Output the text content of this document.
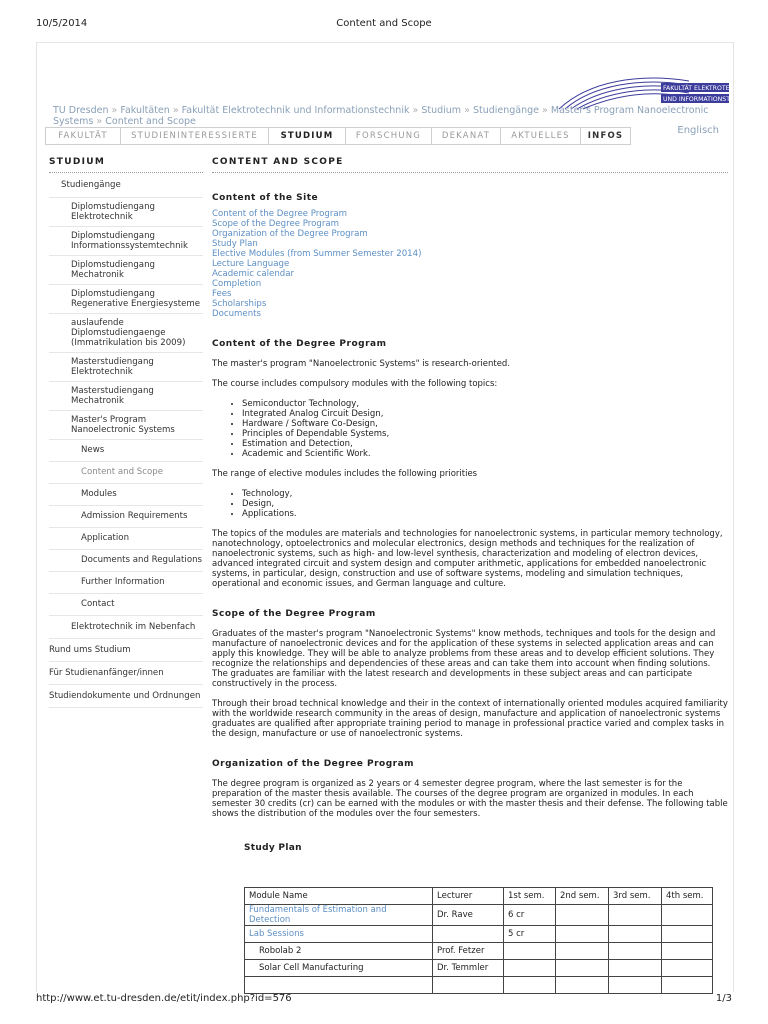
10/5/2014	Content and Scope
FAKULTÄT ELEKTROTECHNIK
UND INFORMATIONSTECHNIK
TU Dresden » Fakultäten » Fakultät Elektrotechnik und Informationstechnik » Studium » Studiengänge » Master's Program Nanoelectronic Systems » Content and Scope
FAKULTÄT	STUDIENINTERESSIERTE	STUDIUM	FORSCHUNG	DEKANAT	AKTUELLES	INFOS	Englisch
STUDIUM
Studiengänge
Diplomstudiengang Elektrotechnik
Diplomstudiengang Informationssystemtechnik
Diplomstudiengang Mechatronik
Diplomstudiengang Regenerative Energiesysteme
auslaufende Diplomstudiengaenge (Immatrikulation bis 2009)
Masterstudiengang Elektrotechnik
Masterstudiengang Mechatronik
Master's Program Nanoelectronic Systems
News
Content and Scope
Modules
Admission Requirements
Application
Documents and Regulations
Further Information
Contact
Elektrotechnik im Nebenfach
Rund ums Studium
Für Studienanfänger/innen
Studiendokumente und Ordnungen
CONTENT AND SCOPE
Content of the Site
Content of the Degree Program
Scope of the Degree Program
Organization of the Degree Program
Study Plan
Elective Modules (from Summer Semester 2014)
Lecture Language
Academic calendar
Completion
Fees
Scholarships
Documents
Content of the Degree Program

The master's program "Nanoelectronic Systems" is research-oriented.

The course includes compulsory modules with the following topics:

• Semiconductor Technology,
• Integrated Analog Circuit Design,
• Hardware / Software Co-Design,
• Principles of Dependable Systems,
• Estimation and Detection,
• Academic and Scientific Work.

The range of elective modules includes the following priorities

• Technology,
• Design,
• Applications.

The topics of the modules are materials and technologies for nanoelectronic systems, in particular memory technology, nanotechnology, optoelectronics and molecular electronics, design methods and techniques for the realization of nanoelectronic systems, such as high- and low-level synthesis, characterization and modeling of electron devices, advanced integrated circuit and system design and computer arithmetic, applications for embedded nanoelectronic systems, in particular, design, construction and use of software systems, modeling and simulation techniques, operational and economic issues, and German language and culture.

Scope of the Degree Program

Graduates of the master's program "Nanoelectronic Systems" know methods, techniques and tools for the design and manufacture of nanoelectronic devices and for the application of these systems in selected application areas and can apply this knowledge. They will be able to analyze problems from these areas and to develop efficient solutions. They recognize the relationships and dependencies of these areas and can take them into account when finding solutions. The graduates are familiar with the latest research and developments in these subject areas and can participate constructively in the process.

Through their broad technical knowledge and their in the context of internationally oriented modules acquired familiarity with the worldwide research community in the areas of design, manufacture and application of nanoelectronic systems graduates are qualified after appropriate training period to manage in professional practice varied and complex tasks in the design, manufacture or use of nanoelectronic systems.

Organization of the Degree Program

The degree program is organized as 2 years or 4 semester degree program, where the last semester is for the preparation of the master thesis available. The courses of the degree program are organized in modules. In each semester 30 credits (cr) can be earned with the modules or with the master thesis and their defense. The following table shows the distribution of the modules over the four semesters.

Study Plan
Module Name	Lecturer	1st sem.	2nd sem.	3rd sem.	4th sem.
Fundamentals of Estimation and Detection	Dr. Rave	6 cr			
Lab Sessions		5 cr			
Robolab 2	Prof. Fetzer				
Solar Cell Manufacturing	Dr. Temmler				

http://www.et.tu-dresden.de/etit/index.php?id=576	1/3
